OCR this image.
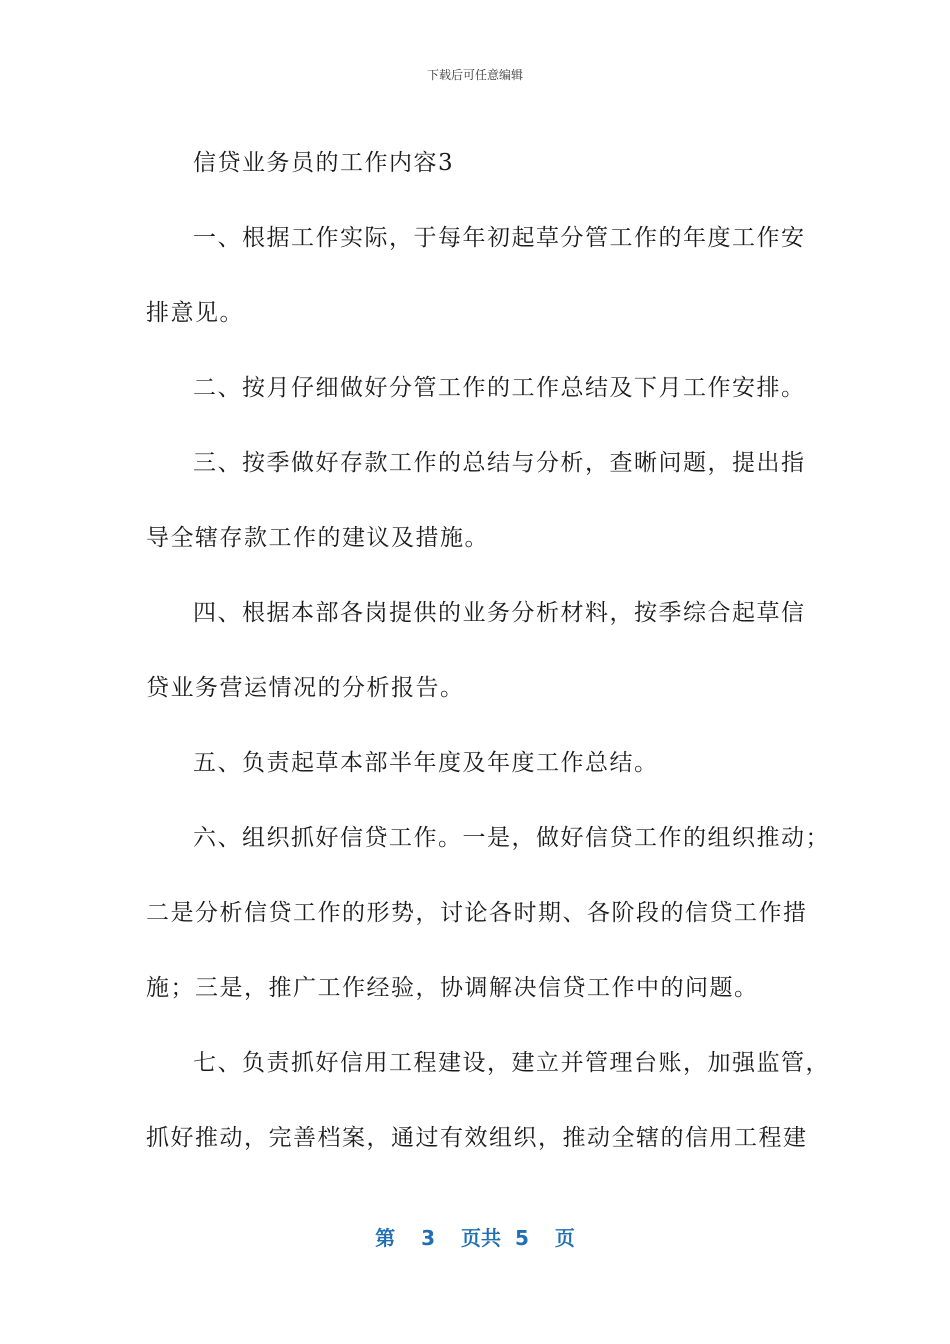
下载后可任意编辑
信贷业务员的工作内容3
一、根据工作实际，于每年初起草分管工作的年度工作安
排意见。
二、按月仔细做好分管工作的工作总结及下月工作安排。
三、按季做好存款工作的总结与分析，查晰问题，提出指
导全辖存款工作的建议及措施。
四、根据本部各岗提供的业务分析材料，按季综合起草信
贷业务营运情况的分析报告。
五、负责起草本部半年度及年度工作总结。
六、组织抓好信贷工作。一是，做好信贷工作的组织推动；
二是分析信贷工作的形势，讨论各时期、各阶段的信贷工作措
施；三是，推广工作经验，协调解决信贷工作中的问题。
七、负责抓好信用工程建设，建立并管理台账，加强监管，
抓好推动，完善档案，通过有效组织，推动全辖的信用工程建
第 3 页共 5 页
